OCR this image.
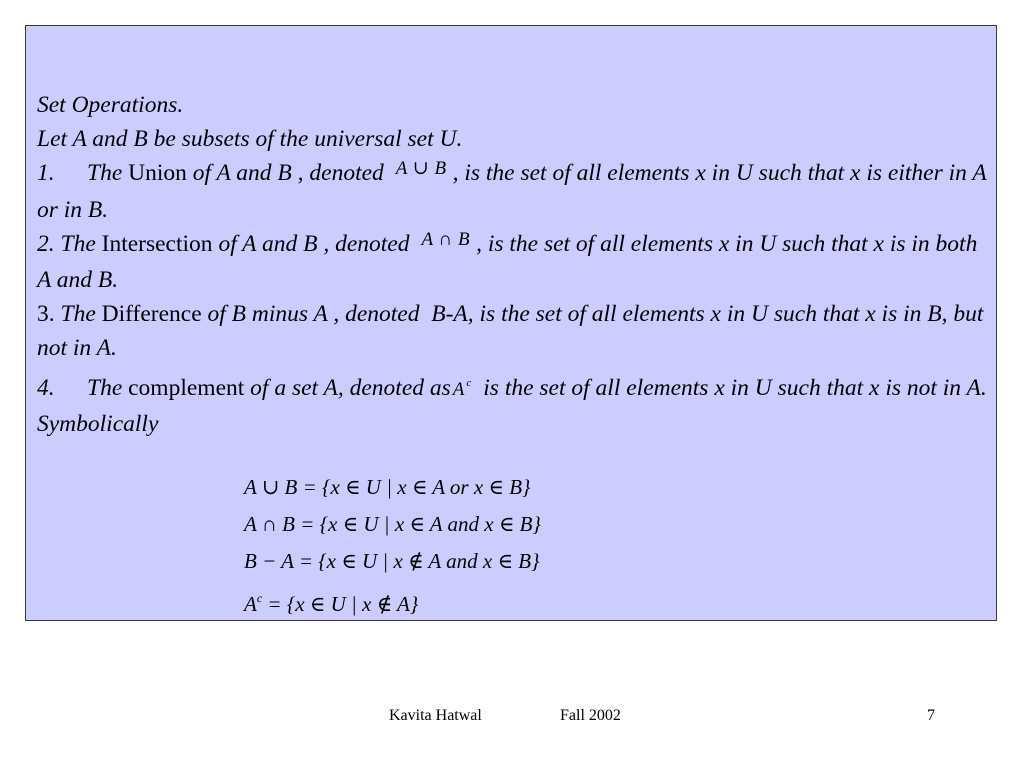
Set Operations.

Let A and B be subsets of the universal set U.

1. The Union of A and B , denoted $^{A \cup B}$ , is the set of all elements x in U such that x is either in A or in B.

2. The Intersection of A and B , denoted $^{A \cap B}$ , is the set of all elements x in U such that x is in both A and B.

3. The Difference of B minus A , denoted B-A, is the set of all elements x in U such that x is in B, but not in A.

4. The complement of a set A, denoted as A $^c$ is the set of all elements x in U such that x is not in A.

Symbolically

A ∪ B = {x ∈ U | x ∈ A or x ∈ B}
A ∩ B = {x ∈ U | x ∈ A and x ∈ B}
B − A = {x ∈ U | x ∉ A and x ∈ B}
$A^c = \{x$ ∈ U | x ∉ A}
Kavita Hatwal	Fall 2002	7
